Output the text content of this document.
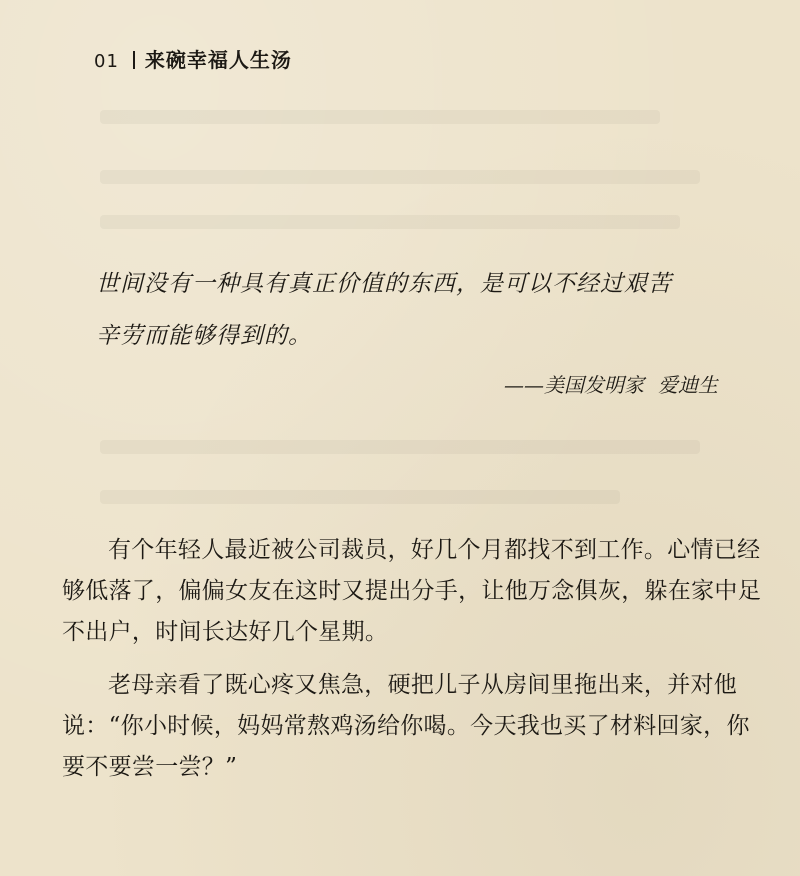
01 来碗幸福人生汤
世间没有一种具有真正价值的东西，是可以不经过艰苦
辛劳而能够得到的。
——美国发明家 爱迪生

有个年轻人最近被公司裁员，好几个月都找不到工作。心情已经够低落了，偏偏女友在这时又提出分手，让他万念俱灰，躲在家中足不出户，时间长达好几个星期。

老母亲看了既心疼又焦急，硬把儿子从房间里拖出来，并对他说：“你小时候，妈妈常熬鸡汤给你喝。今天我也买了材料回家，你要不要尝一尝？”
